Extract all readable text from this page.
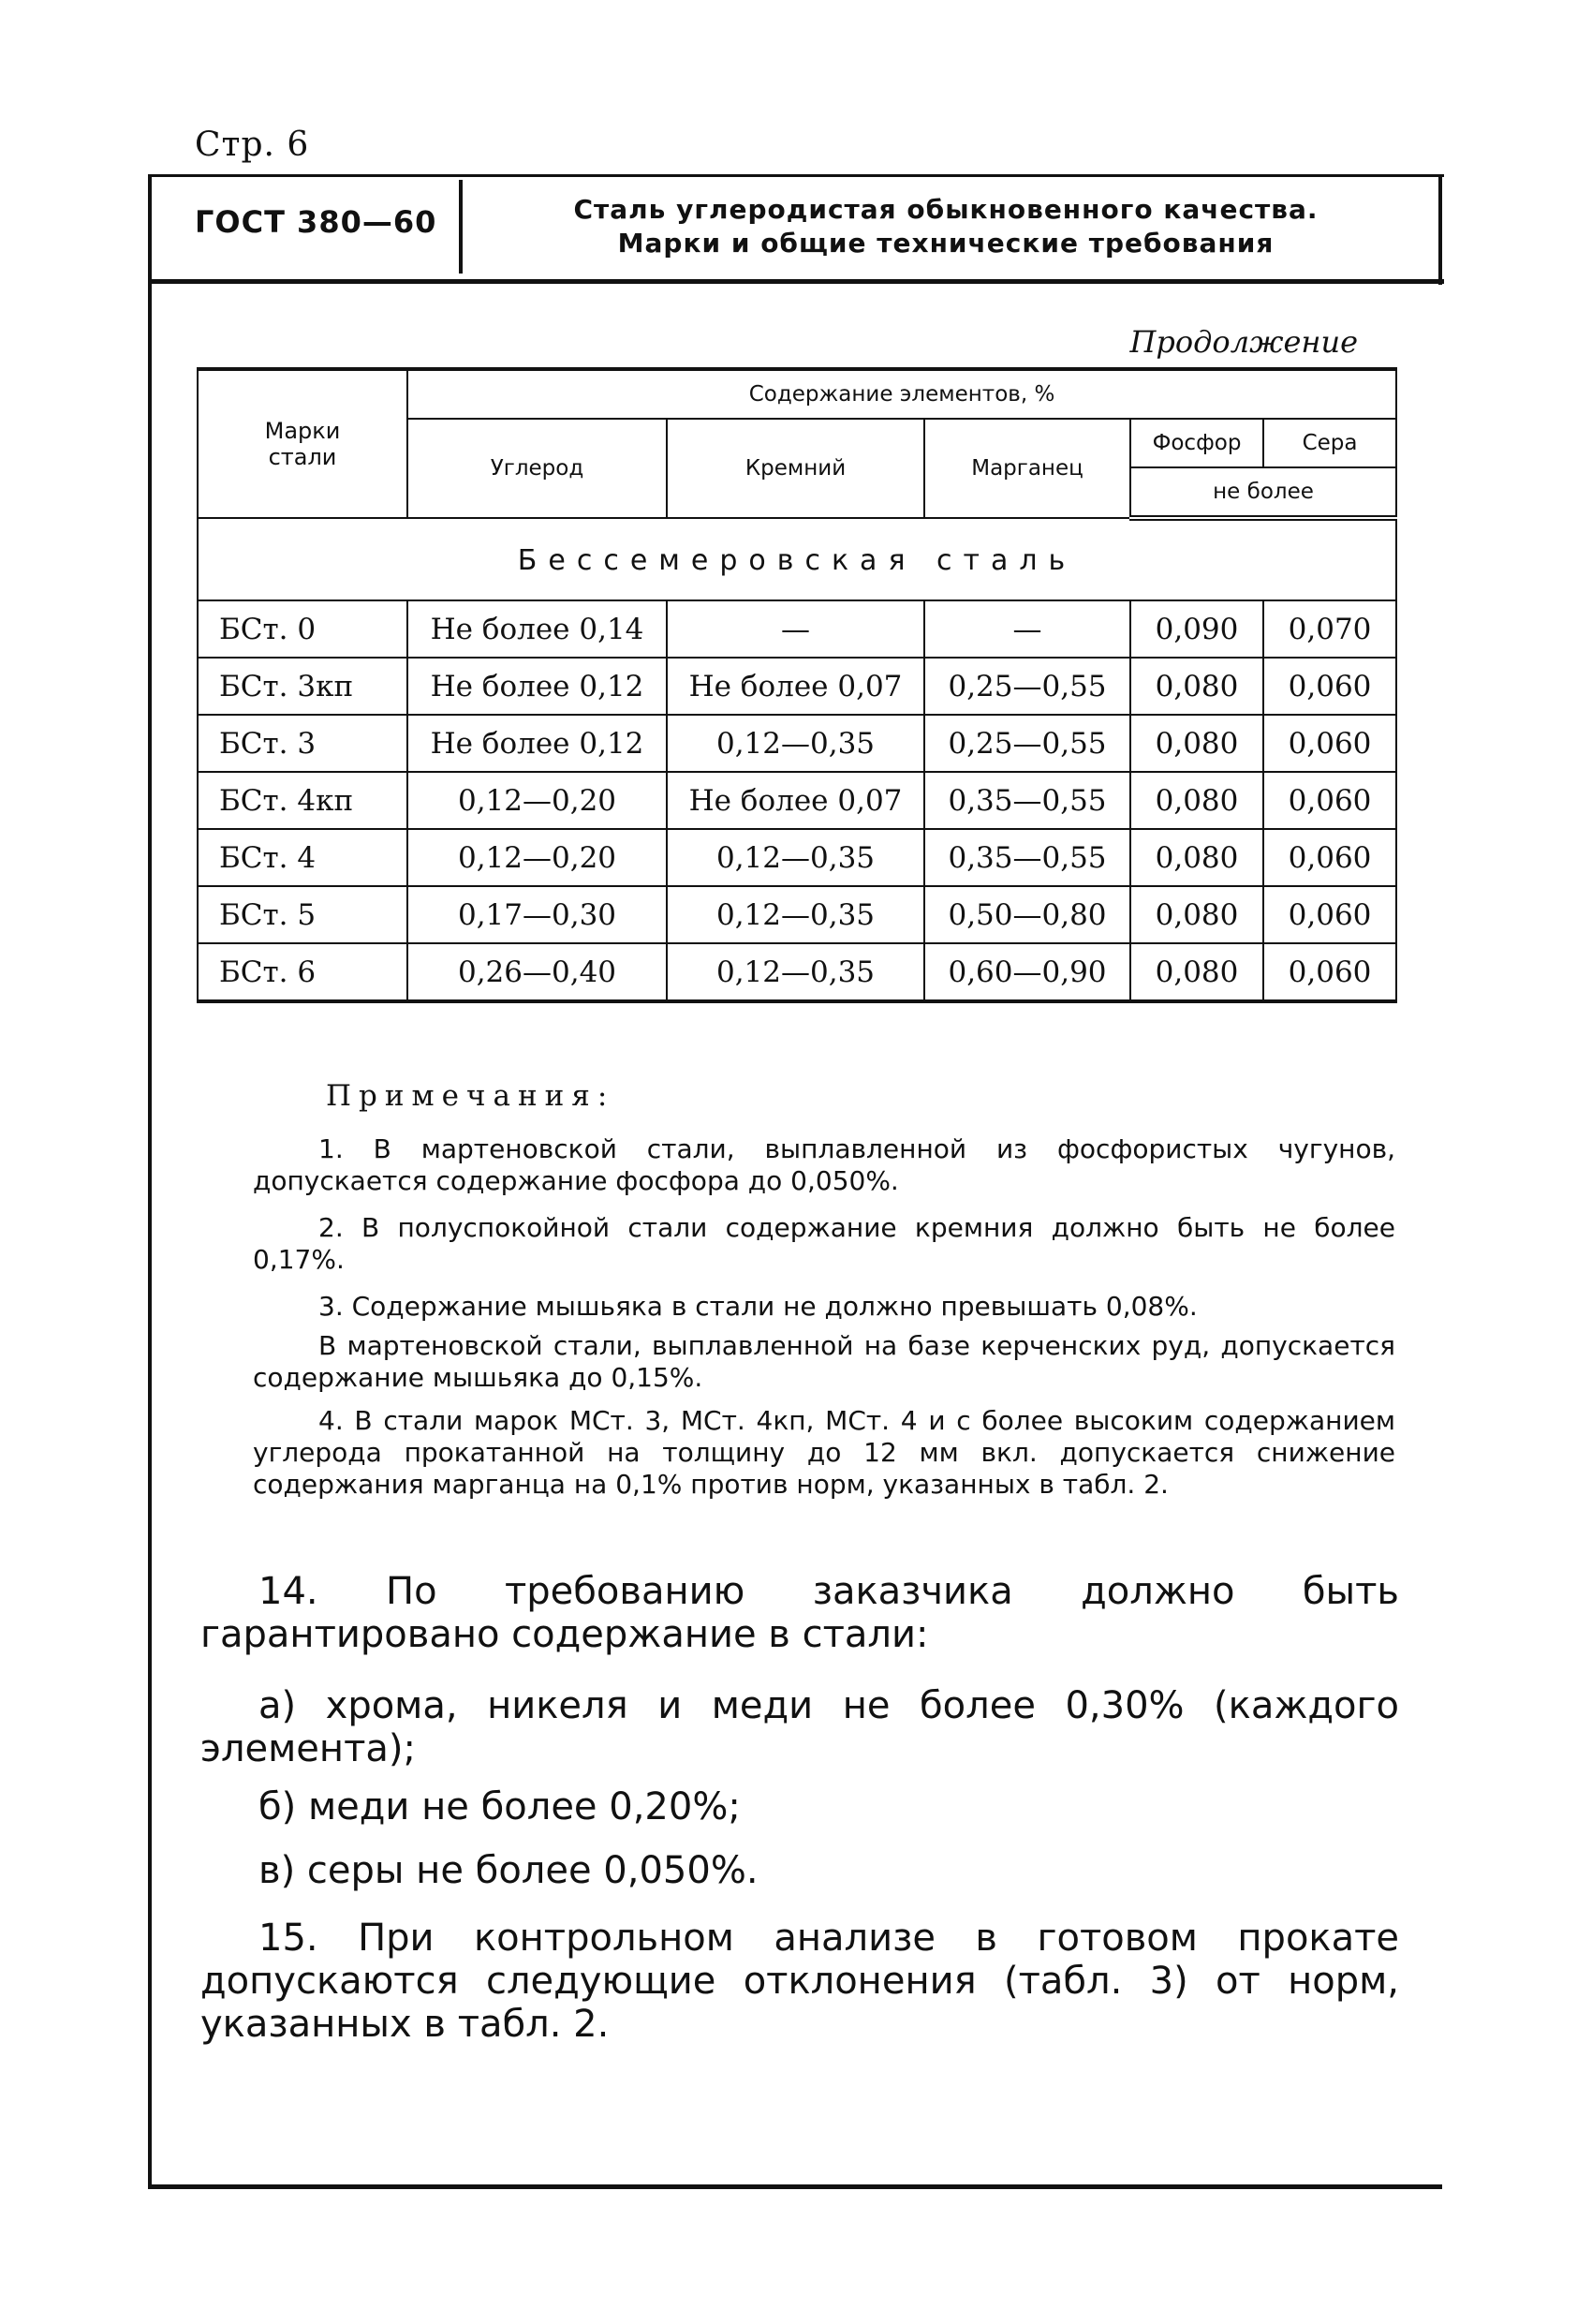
Стр. 6
ГОСТ 380—60	Сталь углеродистая обыкновенного качества.
Марки и общие технические требования
Продолжение
Марки
стали	Содержание элементов, %				
	Углерод	Кремний	Марганец	Фосфор	Сера
				не более	
Бессемеровская сталь					
БСт. 0	Не более 0,14	—	—	0,090	0,070
БСт. 3кп	Не более 0,12	Не более 0,07	0,25—0,55	0,080	0,060
БСт. 3	Не более 0,12	0,12—0,35	0,25—0,55	0,080	0,060
БСт. 4кп	0,12—0,20	Не более 0,07	0,35—0,55	0,080	0,060
БСт. 4	0,12—0,20	0,12—0,35	0,35—0,55	0,080	0,060
БСт. 5	0,17—0,30	0,12—0,35	0,50—0,80	0,080	0,060
БСт. 6	0,26—0,40	0,12—0,35	0,60—0,90	0,080	0,060
Примечания:
1. В мартеновской стали, выплавленной из фосфористых чугунов, допускается содержание фосфора до 0,050%.
2. В полуспокойной стали содержание кремния должно быть не более 0,17%.
3. Содержание мышьяка в стали не должно превышать 0,08%.
В мартеновской стали, выплавленной на базе керченских руд, допускается содержание мышьяка до 0,15%.
4. В стали марок МСт. 3, МСт. 4кп, МСт. 4 и с более высоким содержанием углерода прокатанной на толщину до 12 мм вкл. допускается снижение содержания марганца на 0,1% против норм, указанных в табл. 2.
14. По требованию заказчика должно быть гарантировано содержание в стали:
а) хрома, никеля и меди не более 0,30% (каждого элемента);
б) меди не более 0,20%;
в) серы не более 0,050%.
15. При контрольном анализе в готовом прокате допускаются следующие отклонения (табл. 3) от норм, указанных в табл. 2.
